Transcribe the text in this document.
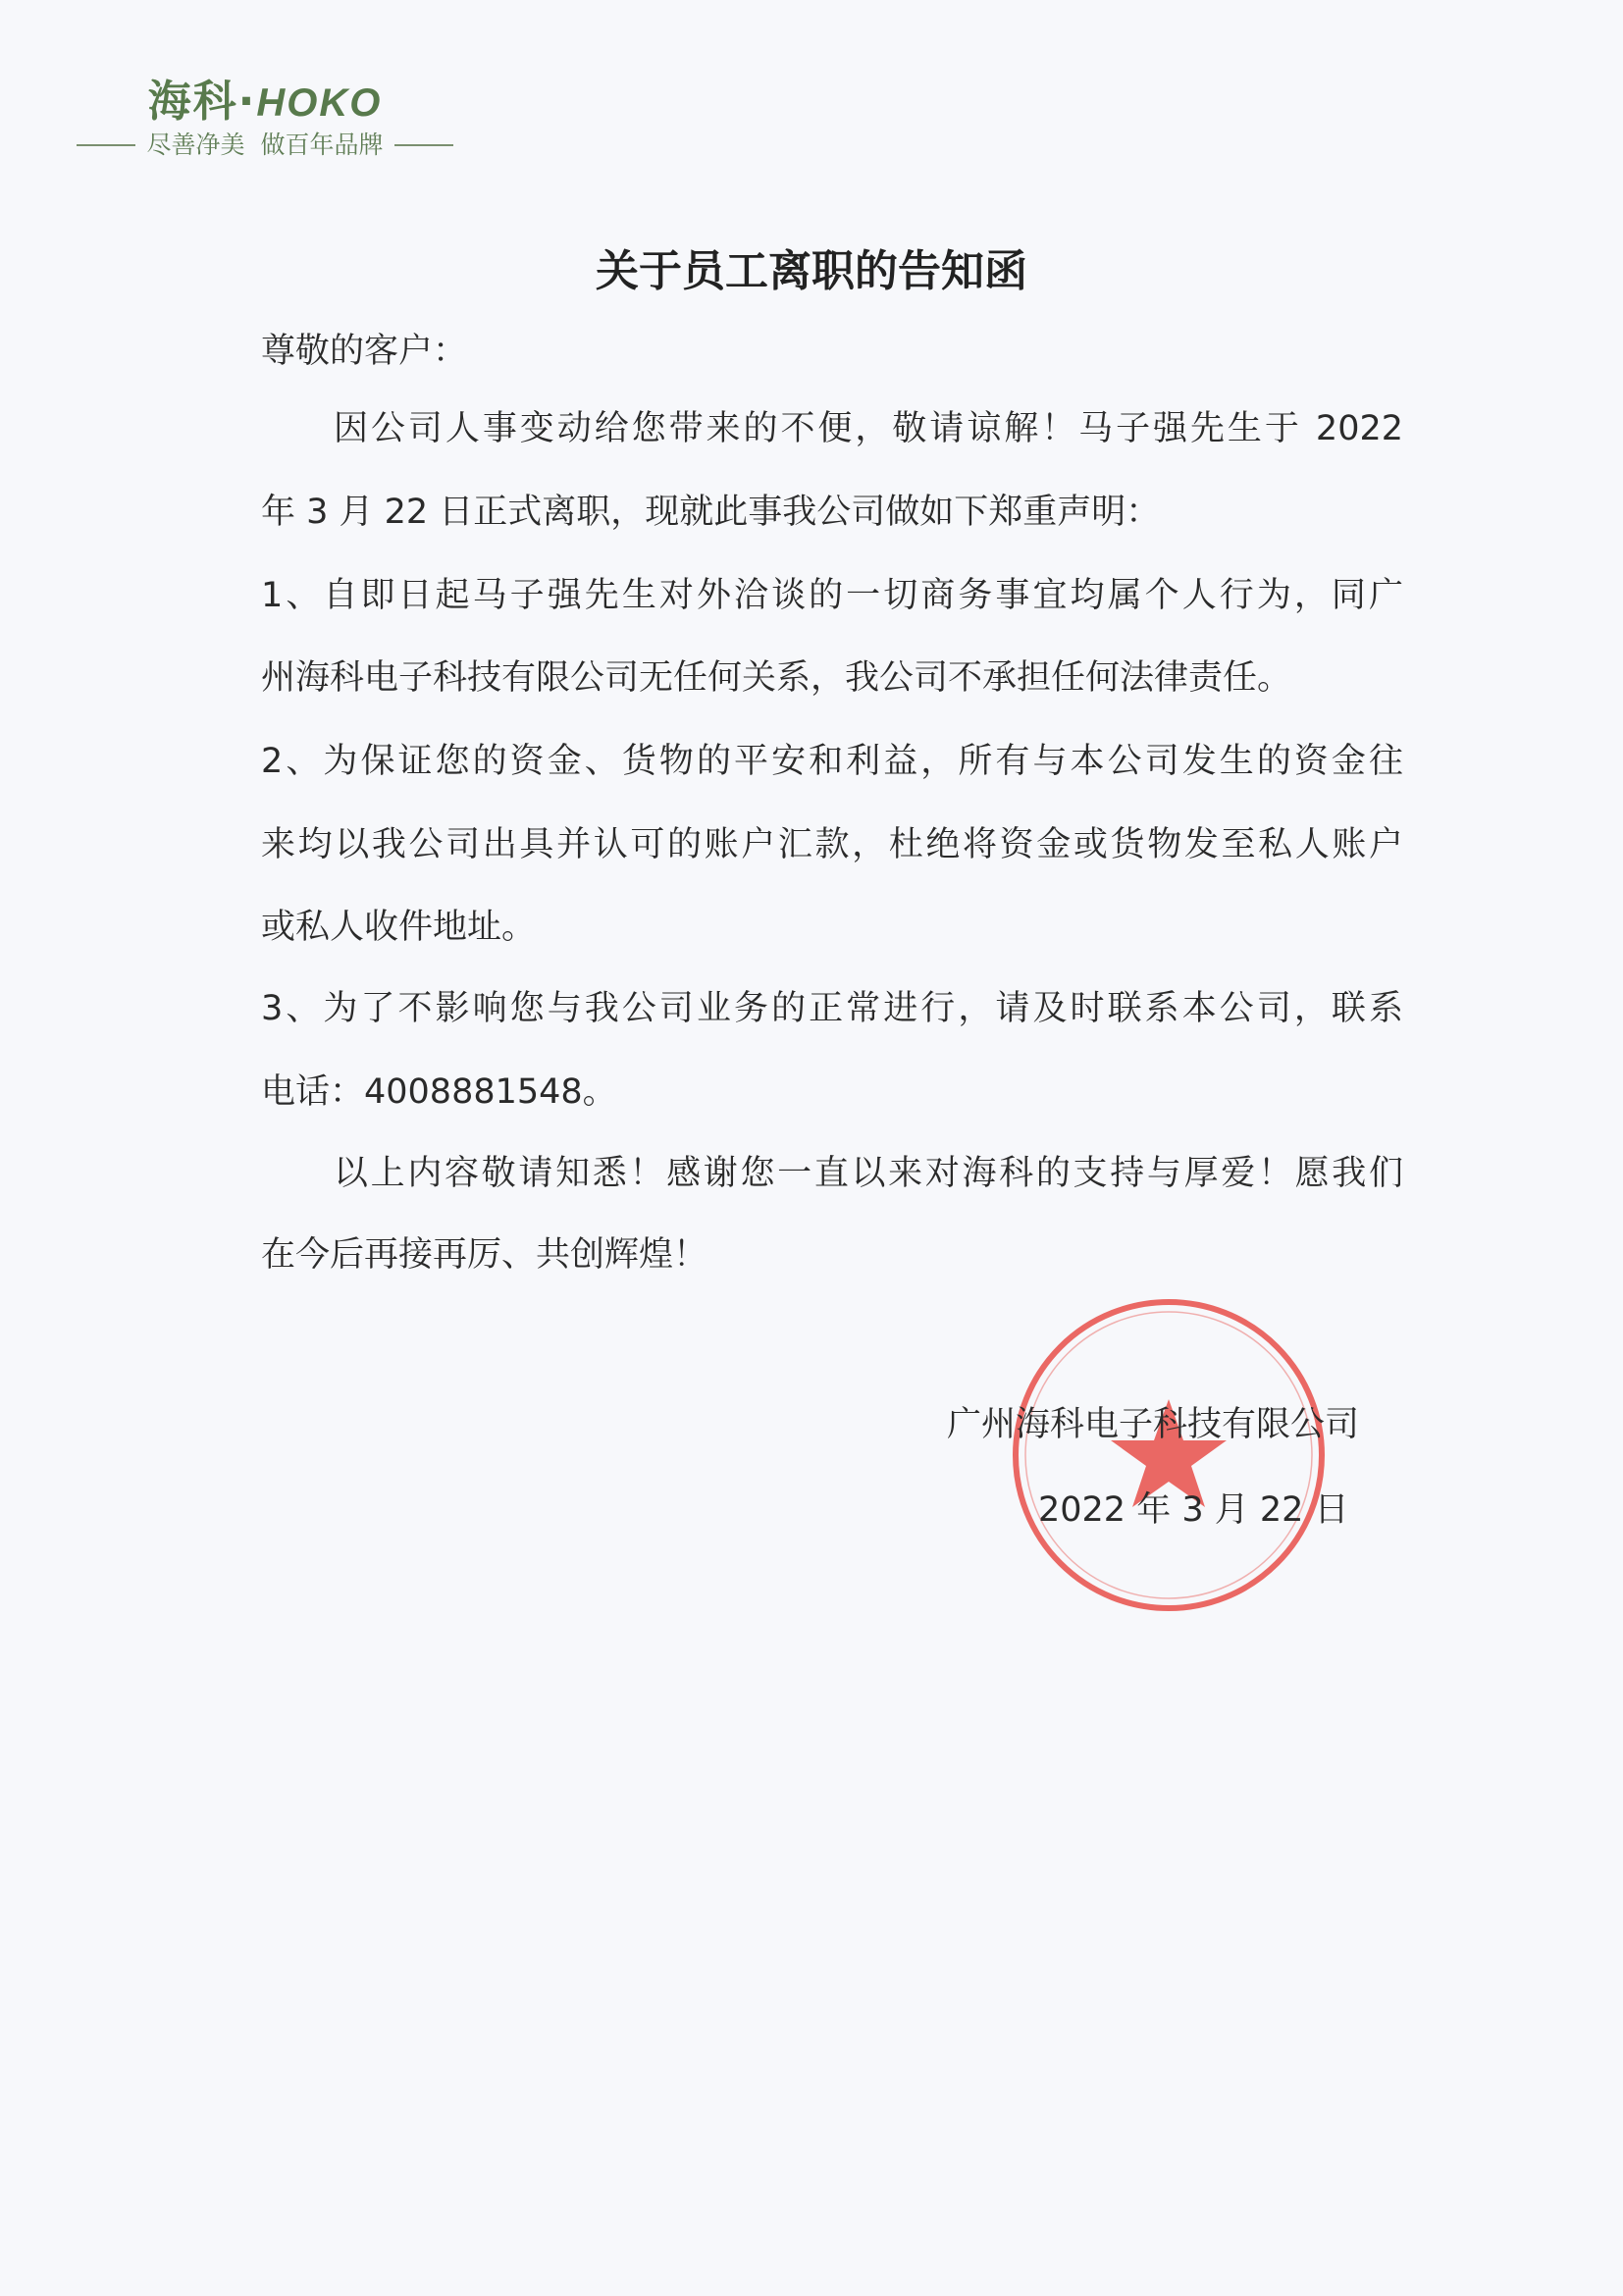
海科·HOKO
尽善净美  做百年品牌
关于员工离职的告知函
尊敬的客户：
因公司人事变动给您带来的不便，敬请谅解！马子强先生于 2022
年 3 月 22 日正式离职，现就此事我公司做如下郑重声明：
1、自即日起马子强先生对外洽谈的一切商务事宜均属个人行为，同广
州海科电子科技有限公司无任何关系，我公司不承担任何法律责任。
2、为保证您的资金、货物的平安和利益，所有与本公司发生的资金往
来均以我公司出具并认可的账户汇款，杜绝将资金或货物发至私人账户
或私人收件地址。
3、为了不影响您与我公司业务的正常进行，请及时联系本公司，联系
电话：4008881548。
以上内容敬请知悉！感谢您一直以来对海科的支持与厚爱！愿我们
在今后再接再厉、共创辉煌！
广州海科电子科技有限公司
2022 年 3 月 22 日
